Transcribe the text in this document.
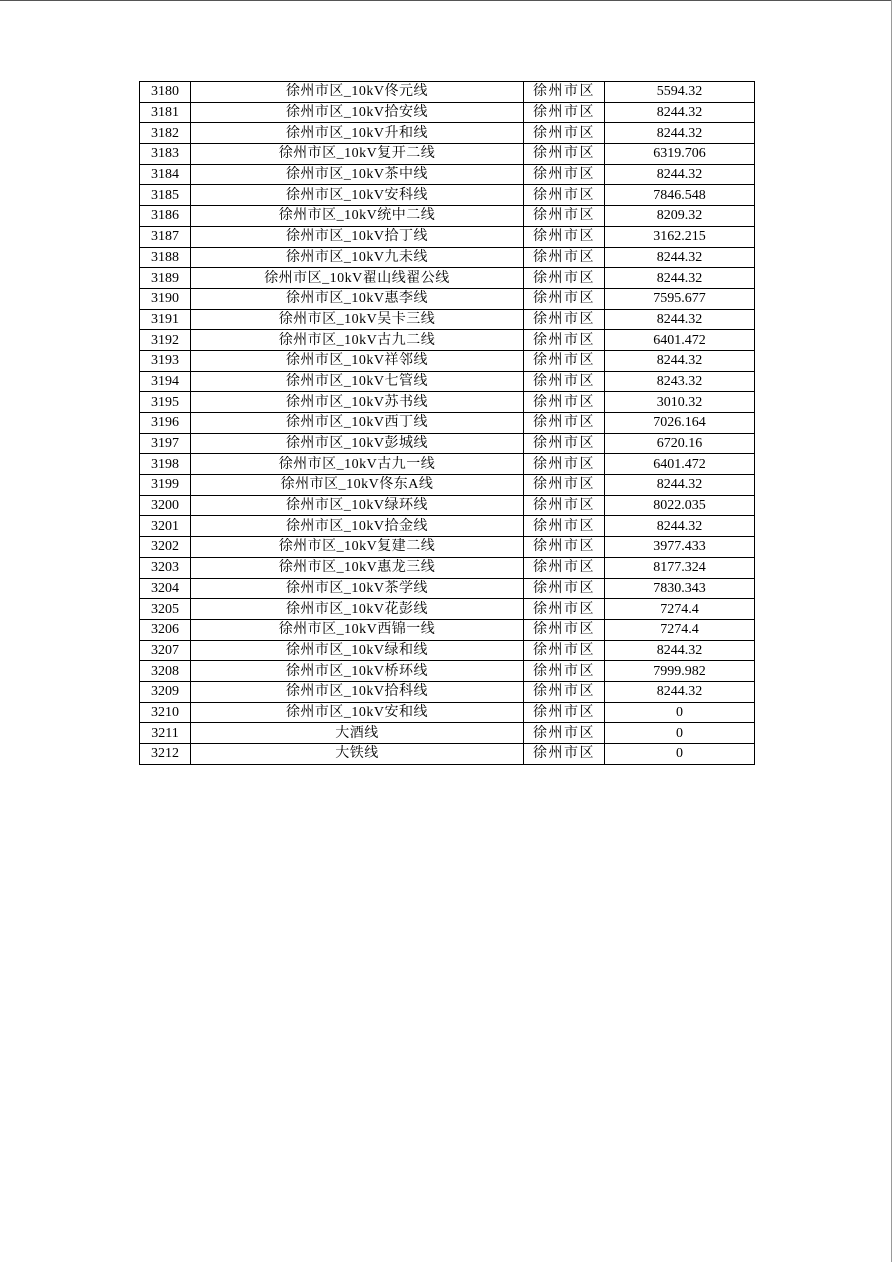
3180	徐州市区_10kV佟元线	徐州市区	5594.32
3181	徐州市区_10kV拾安线	徐州市区	8244.32
3182	徐州市区_10kV升和线	徐州市区	8244.32
3183	徐州市区_10kV复开二线	徐州市区	6319.706
3184	徐州市区_10kV茶中线	徐州市区	8244.32
3185	徐州市区_10kV安科线	徐州市区	7846.548
3186	徐州市区_10kV统中二线	徐州市区	8209.32
3187	徐州市区_10kV拾丁线	徐州市区	3162.215
3188	徐州市区_10kV九未线	徐州市区	8244.32
3189	徐州市区_10kV翟山线翟公线	徐州市区	8244.32
3190	徐州市区_10kV惠李线	徐州市区	7595.677
3191	徐州市区_10kV吴卡三线	徐州市区	8244.32
3192	徐州市区_10kV古九二线	徐州市区	6401.472
3193	徐州市区_10kV祥邻线	徐州市区	8244.32
3194	徐州市区_10kV七管线	徐州市区	8243.32
3195	徐州市区_10kV苏书线	徐州市区	3010.32
3196	徐州市区_10kV西丁线	徐州市区	7026.164
3197	徐州市区_10kV彭城线	徐州市区	6720.16
3198	徐州市区_10kV古九一线	徐州市区	6401.472
3199	徐州市区_10kV佟东A线	徐州市区	8244.32
3200	徐州市区_10kV绿环线	徐州市区	8022.035
3201	徐州市区_10kV拾金线	徐州市区	8244.32
3202	徐州市区_10kV复建二线	徐州市区	3977.433
3203	徐州市区_10kV惠龙三线	徐州市区	8177.324
3204	徐州市区_10kV茶学线	徐州市区	7830.343
3205	徐州市区_10kV花彭线	徐州市区	7274.4
3206	徐州市区_10kV西锦一线	徐州市区	7274.4
3207	徐州市区_10kV绿和线	徐州市区	8244.32
3208	徐州市区_10kV桥环线	徐州市区	7999.982
3209	徐州市区_10kV拾科线	徐州市区	8244.32
3210	徐州市区_10kV安和线	徐州市区	0
3211	大酒线	徐州市区	0
3212	大铁线	徐州市区	0
